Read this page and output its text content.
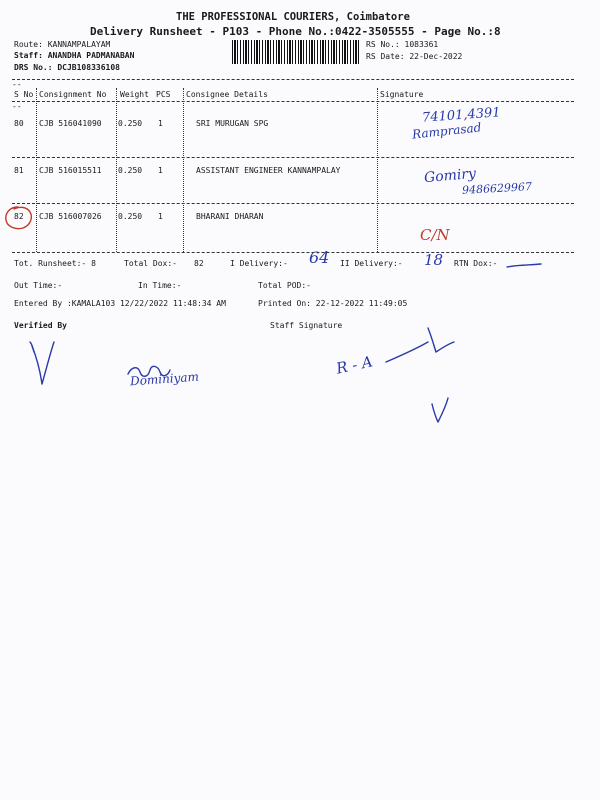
THE PROFESSIONAL COURIERS, Coimbatore
Delivery Runsheet - P103 - Phone No.:0422-3505555 - Page No.:8
Route: KANNAMPALAYAM
Staff: ANANDHA PADMANABAN
DRS No.: DCJB108336108
RS No.: 1083361
RS Date: 22-Dec-2022
--
--
S No Consignment No Weight PCS Consignee Details	Signature
80 CJB 516041090 0.250 1	SRI MURUGAN SPG	74101,4391
Ramprasad
81 CJB 516015511 0.250 1	ASSISTANT ENGINEER KANNAMPALAY	Gomiry
9486629967
82 CJB 516007026 0.250 1	BHARANI DHARAN
C/N
Tot. Runsheet:- 8	Total Dox:- 82	I Delivery:- 64 II Delivery:- 18 RTN Dox:-
Out Time:-	In Time:-	Total POD:-
Entered By :KAMALA103 12/22/2022 11:48:34 AM	Printed On: 22-12-2022 11:49:05
Verified By	Staff Signature
Dominiyam
R - A
